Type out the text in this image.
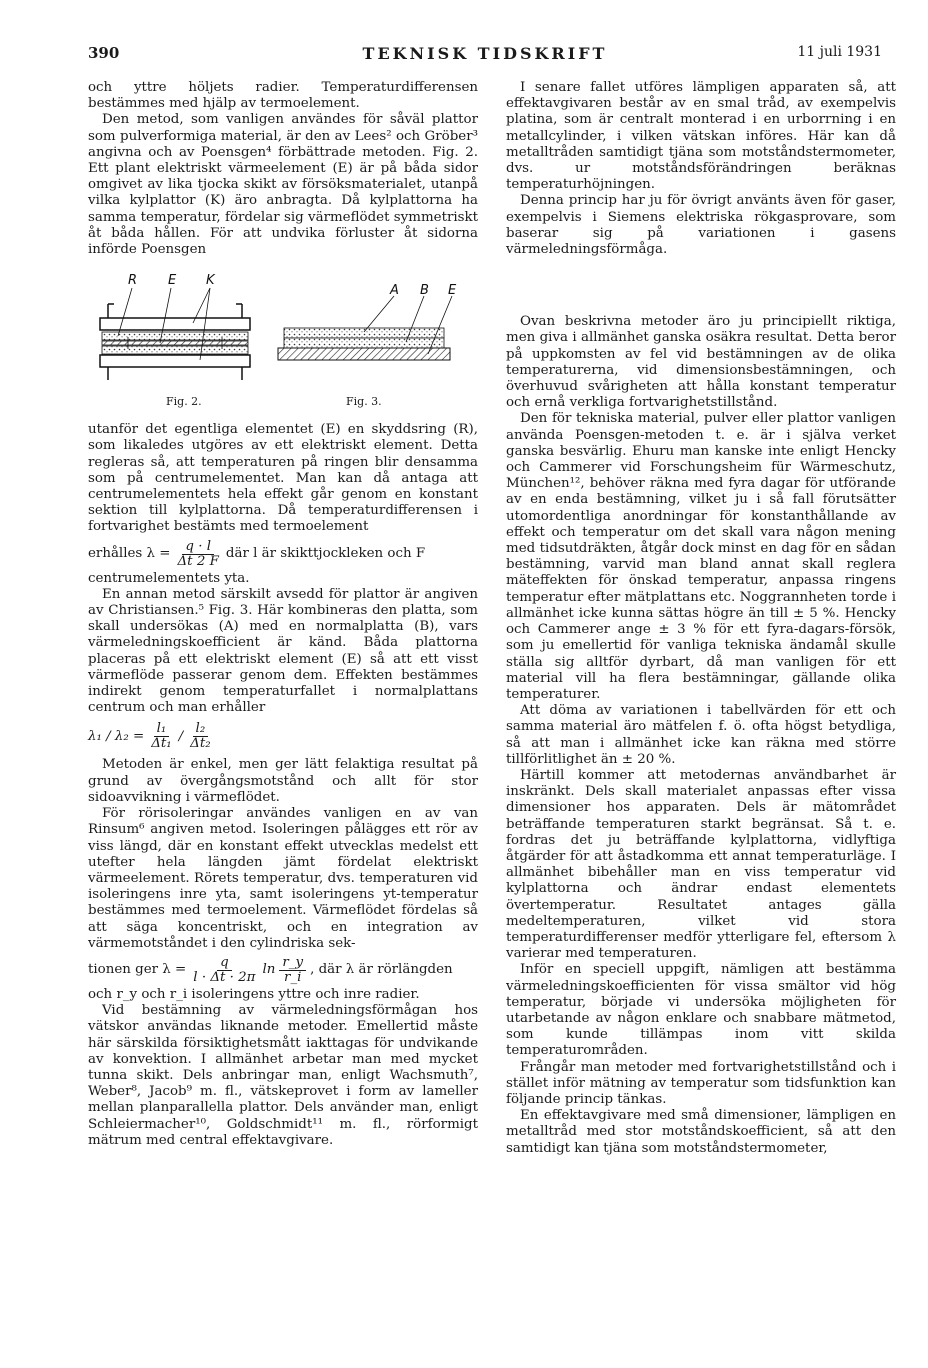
390	TEKNISK TIDSKRIFT	11 juli 1931

och yttre höljets radier. Temperaturdifferensen bestämmes med hjälp av termoelement.

Den metod, som vanligen användes för såväl plattor som pulverformiga material, är den av Lees² och Gröber³ angivna och av Poensgen⁴ förbättrade metoden. Fig. 2. Ett plant elektriskt värmeelement (E) är på båda sidor omgivet av lika tjocka skikt av försöksmaterialet, utanpå vilka kylplattor (K) äro anbragta. Då kylplattorna ha samma temperatur, fördelar sig värmeflödet symmetriskt åt båda hållen. För att undvika förluster åt sidorna införde Poensgen

R E K
A B E
Fig. 2.	Fig. 3.

utanför det egentliga elementet (E) en skyddsring (R), som likaledes utgöres av ett elektriskt element. Detta regleras så, att temperaturen på ringen blir densamma som på centrumelementet. Man kan då antaga att centrumelementets hela effekt går genom en konstant sektion till kylplattorna. Då temperaturdifferensen i fortvarighet bestämts med termoelement

erhålles $\lambda = \frac{q \cdot l}{\Delta t 2 F}$ där l är skikttjockleken och F

centrumelementets yta.

En annan metod särskilt avsedd för plattor är angiven av Christiansen.⁵ Fig. 3. Här kombineras den platta, som skall undersökas (A) med en normalplatta (B), vars värmeledningskoefficient är känd. Båda plattorna placeras på ett elektriskt element (E) så att ett visst värmeflöde passerar genom dem. Effekten bestämmes indirekt genom temperaturfallet i normalplattans centrum och man erhåller

$\lambda_1 / \lambda_2 = \frac{\text{l₁}}{\text{Δt₁}} / \frac{\text{l₂}}{\text{Δt₂}}$

Metoden är enkel, men ger lätt felaktiga resultat på grund av övergångsmotstånd och allt för stor sidoavvikning i värmeflödet.

För rörisoleringar användes vanligen en av van Rinsum⁶ angiven metod. Isoleringen pålägges ett rör av viss längd, där en konstant effekt utvecklas medelst ett utefter hela längden jämt fördelat elektriskt värmeelement. Rörets temperatur, dvs. temperaturen vid isoleringens inre yta, samt isoleringens yt-temperatur bestämmes med termoelement. Värmeflödet fördelas så att säga koncentriskt, och en integration av värmemotståndet i den cylindriska sek-

tionen ger $\lambda = \frac{q}{l \cdot \Delta t \cdot 2\pi}$ $\ln \frac{r\_y}{r\_i}$ , där λ är rörlängden

och r_y och r_i isoleringens yttre och inre radier.

Vid bestämning av värmeledningsförmågan hos vätskor användas liknande metoder. Emellertid måste här särskilda försiktighetsmått iakttagas för undvikande av konvektion. I allmänhet arbetar man med mycket tunna skikt. Dels anbringar man, enligt Wachsmuth⁷, Weber⁸, Jacob⁹ m. fl., vätskeprovet i form av lameller mellan planparallella plattor. Dels använder man, enligt Schleiermacher¹⁰, Goldschmidt¹¹ m. fl., rörformigt mätrum med central effektavgivare.

I senare fallet utföres lämpligen apparaten så, att effektavgivaren består av en smal tråd, av exempelvis platina, som är centralt monterad i en urborrning i en metallcylinder, i vilken vätskan införes. Här kan då metalltråden samtidigt tjäna som motståndstermometer, dvs. ur motståndsförändringen beräknas temperaturhöjningen.

Denna princip har ju för övrigt använts även för gaser, exempelvis i Siemens elektriska rökgasprovare, som baserar sig på variationen i gasens värmeledningsförmåga.

Ovan beskrivna metoder äro ju principiellt riktiga, men giva i allmänhet ganska osäkra resultat. Detta beror på uppkomsten av fel vid bestämningen av de olika temperaturerna, vid dimensionsbestämningen, och överhuvud svårigheten att hålla konstant temperatur och ernå verkliga fortvarighetstillstånd.

Den för tekniska material, pulver eller plattor vanligen använda Poensgen-metoden t. e. är i själva verket ganska besvärlig. Ehuru man kanske inte enligt Hencky och Cammerer vid Forschungsheim für Wärmeschutz, München¹², behöver räkna med fyra dagar för utförande av en enda bestämning, vilket ju i så fall förutsätter utomordentliga anordningar för konstanthållande av effekt och temperatur om det skall vara någon mening med tidsutdräkten, åtgår dock minst en dag för en sådan bestämning, varvid man bland annat skall reglera mäteffekten för önskad temperatur, anpassa ringens temperatur efter mätplattans etc. Noggrannheten torde i allmänhet icke kunna sättas högre än till ± 5 %. Hencky och Cammerer ange ± 3 % för ett fyra-dagars-försök, som ju emellertid för vanliga tekniska ändamål skulle ställa sig alltför dyrbart, då man vanligen för ett material vill ha flera bestämningar, gällande olika temperaturer.

Att döma av variationen i tabellvärden för ett och samma material äro mätfelen f. ö. ofta högst betydliga, så att man i allmänhet icke kan räkna med större tillförlitlighet än ± 20 %.

Härtill kommer att metodernas användbarhet är inskränkt. Dels skall materialet anpassas efter vissa dimensioner hos apparaten. Dels är mätområdet beträffande temperaturen starkt begränsat. Så t. e. fordras det ju beträffande kylplattorna, vidlyftiga åtgärder för att åstadkomma ett annat temperaturläge. I allmänhet bibehåller man en viss temperatur vid kylplattorna och ändrar endast elementets övertemperatur. Resultatet antages gälla medeltemperaturen, vilket vid stora temperaturdifferenser medför ytterligare fel, eftersom λ varierar med temperaturen.

Inför en speciell uppgift, nämligen att bestämma värmeledningskoefficienten för vissa smältor vid hög temperatur, började vi undersöka möjligheten för utarbetande av någon enklare och snabbare mätmetod, som kunde tillämpas inom vitt skilda temperaturområden.

Frångår man metoder med fortvarighetstillstånd och i stället inför mätning av temperatur som tidsfunktion kan följande princip tänkas.

En effektavgivare med små dimensioner, lämpligen en metalltråd med stor motståndskoefficient, så att den samtidigt kan tjäna som motståndstermometer,
